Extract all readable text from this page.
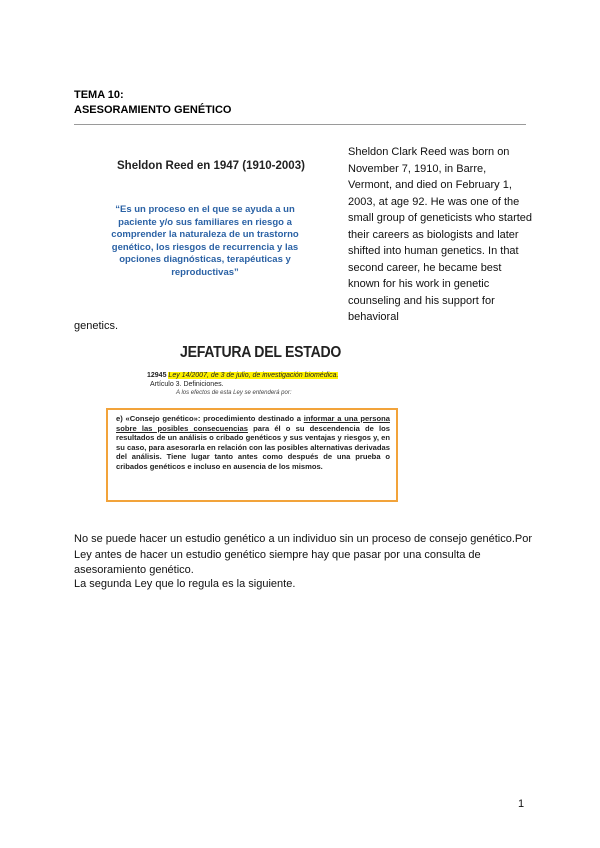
TEMA 10:
ASESORAMIENTO GENÉTICO
Sheldon Reed en 1947 (1910-2003)
“Es un proceso en el que se ayuda a un paciente y/o sus familiares en riesgo a comprender la naturaleza de un trastorno genético, los riesgos de recurrencia y las opciones diagnósticas, terapéuticas y reproductivas”
Sheldon Clark Reed was born on November 7, 1910, in Barre, Vermont, and died on February 1, 2003, at age 92. He was one of the small group of geneticists who started their careers as biologists and later shifted into human genetics. In that second career, he became best known for his work in genetic counseling and his support for behavioral
genetics.
JEFATURA DEL ESTADO
12945 Ley 14/2007, de 3 de julio, de investigación biomédica.
Artículo 3. Definiciones.
A los efectos de esta Ley se entenderá por:
e) «Consejo genético»: procedimiento destinado a informar a una persona sobre las posibles consecuencias para él o su descendencia de los resultados de un análisis o cribado genéticos y sus ventajas y riesgos y, en su caso, para asesorarla en relación con las posibles alternativas derivadas del análisis. Tiene lugar tanto antes como después de una prueba o cribados genéticos e incluso en ausencia de los mismos.
No se puede hacer un estudio genético a un individuo sin un proceso de consejo genético.Por Ley antes de hacer un estudio genético siempre hay que pasar por una consulta de asesoramiento genético.
La segunda Ley que lo regula es la siguiente.
1
